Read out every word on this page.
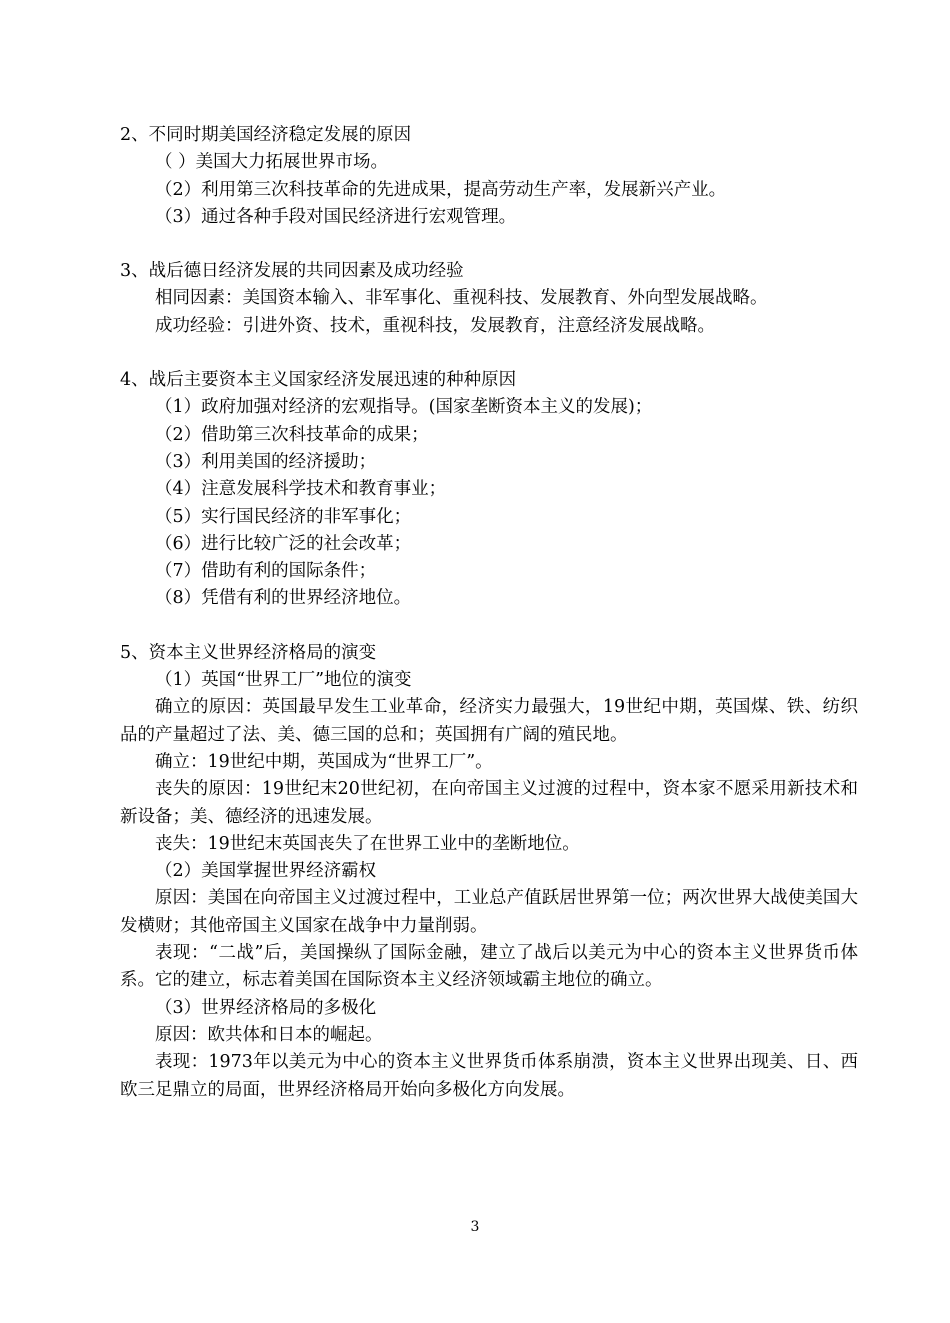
2、不同时期美国经济稳定发展的原因

（ ）美国大力拓展世界市场。

（2）利用第三次科技革命的先进成果，提高劳动生产率，发展新兴产业。

（3）通过各种手段对国民经济进行宏观管理。

3、战后德日经济发展的共同因素及成功经验

相同因素：美国资本输入、非军事化、重视科技、发展教育、外向型发展战略。

成功经验：引进外资、技术，重视科技，发展教育，注意经济发展战略。

4、战后主要资本主义国家经济发展迅速的种种原因

（1）政府加强对经济的宏观指导。(国家垄断资本主义的发展)；

（2）借助第三次科技革命的成果；

（3）利用美国的经济援助；

（4）注意发展科学技术和教育事业；

（5）实行国民经济的非军事化；

（6）进行比较广泛的社会改革；

（7）借助有利的国际条件；

（8）凭借有利的世界经济地位。

5、资本主义世界经济格局的演变

（1）英国“世界工厂”地位的演变

确立的原因：英国最早发生工业革命，经济实力最强大，19世纪中期，英国煤、铁、纺织品的产量超过了法、美、德三国的总和；英国拥有广阔的殖民地。

确立：19世纪中期，英国成为“世界工厂”。

丧失的原因：19世纪末20世纪初，在向帝国主义过渡的过程中，资本家不愿采用新技术和新设备；美、德经济的迅速发展。

丧失：19世纪末英国丧失了在世界工业中的垄断地位。

（2）美国掌握世界经济霸权

原因：美国在向帝国主义过渡过程中，工业总产值跃居世界第一位；两次世界大战使美国大发横财；其他帝国主义国家在战争中力量削弱。

表现：“二战”后，美国操纵了国际金融，建立了战后以美元为中心的资本主义世界货币体系。它的建立，标志着美国在国际资本主义经济领域霸主地位的确立。

（3）世界经济格局的多极化

原因：欧共体和日本的崛起。

表现：1973年以美元为中心的资本主义世界货币体系崩溃，资本主义世界出现美、日、西欧三足鼎立的局面，世界经济格局开始向多极化方向发展。

3
